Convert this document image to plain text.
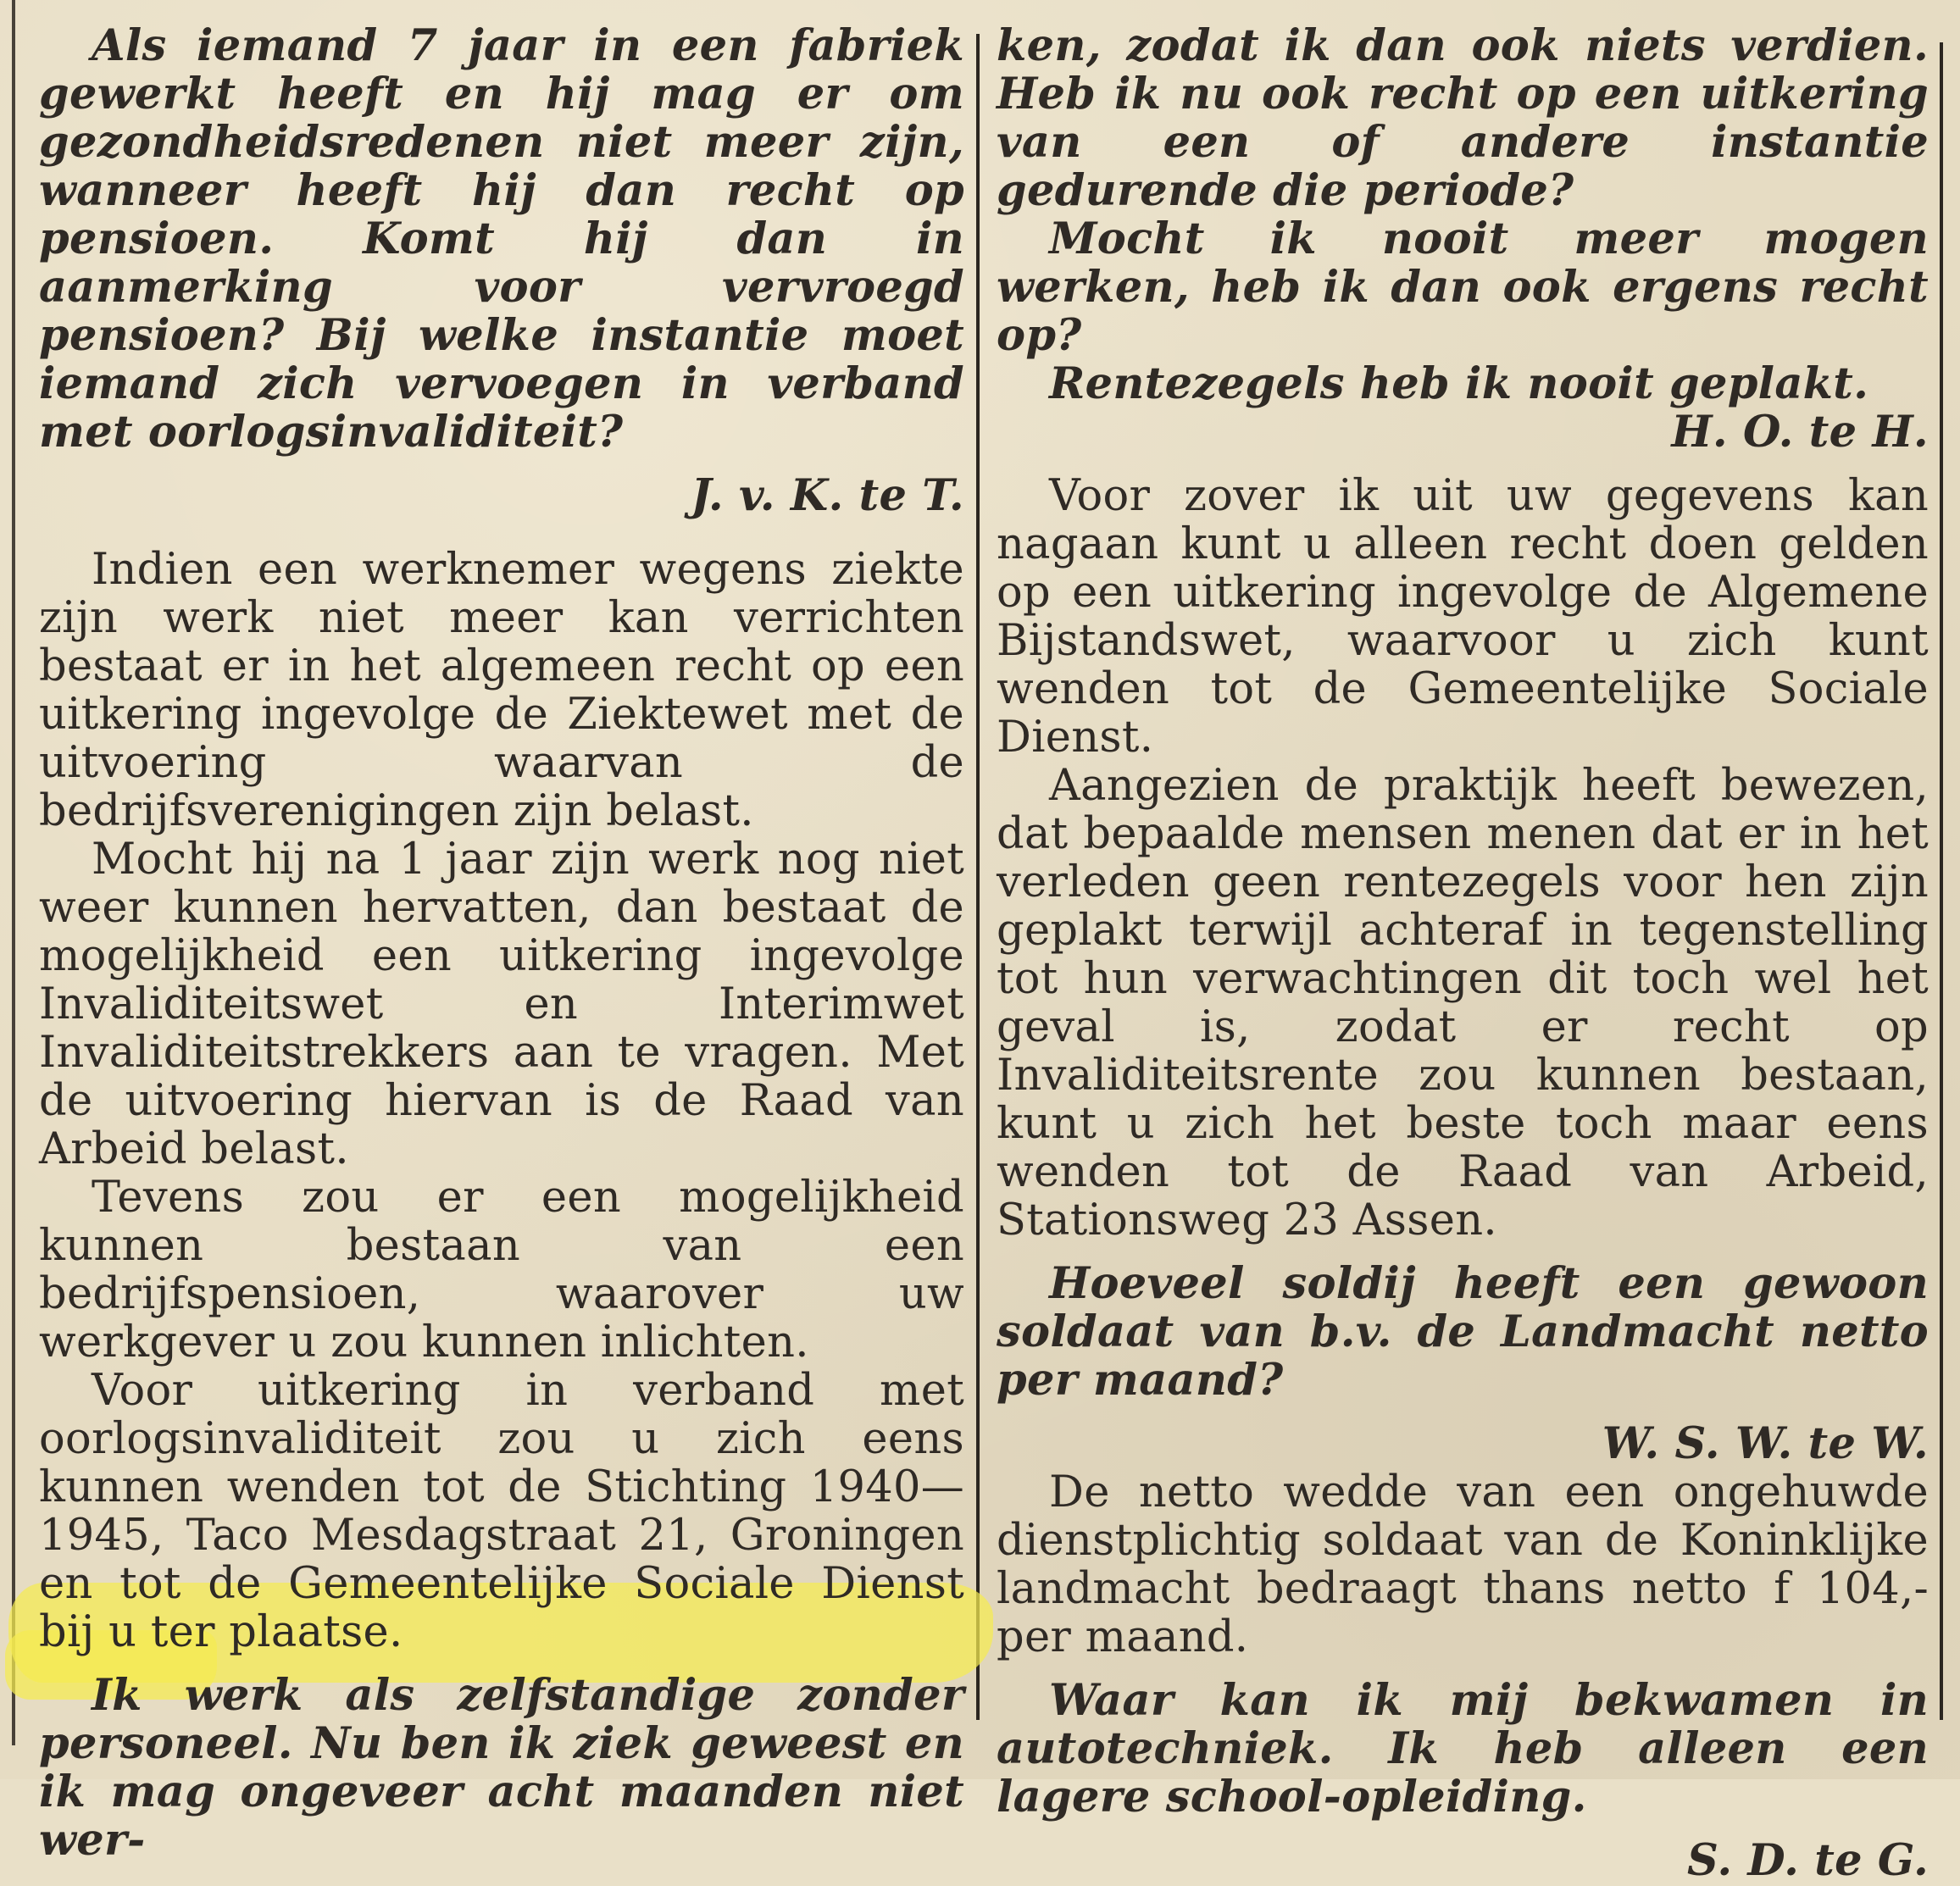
Als iemand 7 jaar in een fabriek gewerkt heeft en hij mag er om gezondheidsredenen niet meer zijn, wanneer heeft hij dan recht op pensioen. Komt hij dan in aanmerking voor vervroegd pensioen? Bij welke instantie moet iemand zich vervoegen in verband met oorlogsinvaliditeit?

J. v. K. te T.

Indien een werknemer wegens ziekte zijn werk niet meer kan verrichten bestaat er in het algemeen recht op een uitkering ingevolge de Ziektewet met de uitvoering waarvan de bedrijfsverenigingen zijn belast.

Mocht hij na 1 jaar zijn werk nog niet weer kunnen hervatten, dan bestaat de mogelijkheid een uitkering ingevolge Invaliditeitswet en Interimwet Invaliditeitstrekkers aan te vragen. Met de uitvoering hiervan is de Raad van Arbeid belast.

Tevens zou er een mogelijkheid kunnen bestaan van een bedrijfspensioen, waarover uw werkgever u zou kunnen inlichten.

Voor uitkering in verband met oorlogsinvaliditeit zou u zich eens kunnen wenden tot de Stichting 1940—1945, Taco Mesdagstraat 21, Groningen en tot de Gemeentelijke Sociale Dienst bij u ter plaatse.

Ik werk als zelfstandige zonder personeel. Nu ben ik ziek geweest en ik mag ongeveer acht maanden niet wer-

ken, zodat ik dan ook niets verdien. Heb ik nu ook recht op een uitkering van een of andere instantie gedurende die periode?

Mocht ik nooit meer mogen werken, heb ik dan ook ergens recht op?

Rentezegels heb ik nooit geplakt.

H. O. te H.

Voor zover ik uit uw gegevens kan nagaan kunt u alleen recht doen gelden op een uitkering ingevolge de Algemene Bijstandswet, waarvoor u zich kunt wenden tot de Gemeentelijke Sociale Dienst.

Aangezien de praktijk heeft bewezen, dat bepaalde mensen menen dat er in het verleden geen rentezegels voor hen zijn geplakt terwijl achteraf in tegenstelling tot hun verwachtingen dit toch wel het geval is, zodat er recht op Invaliditeitsrente zou kunnen bestaan, kunt u zich het beste toch maar eens wenden tot de Raad van Arbeid, Stationsweg 23 Assen.

Hoeveel soldij heeft een gewoon soldaat van b.v. de Landmacht netto per maand?

W. S. W. te W.

De netto wedde van een ongehuwde dienstplichtig soldaat van de Koninklijke landmacht bedraagt thans netto f 104,- per maand.

Waar kan ik mij bekwamen in autotechniek. Ik heb alleen een lagere school-opleiding.

S. D. te G.
